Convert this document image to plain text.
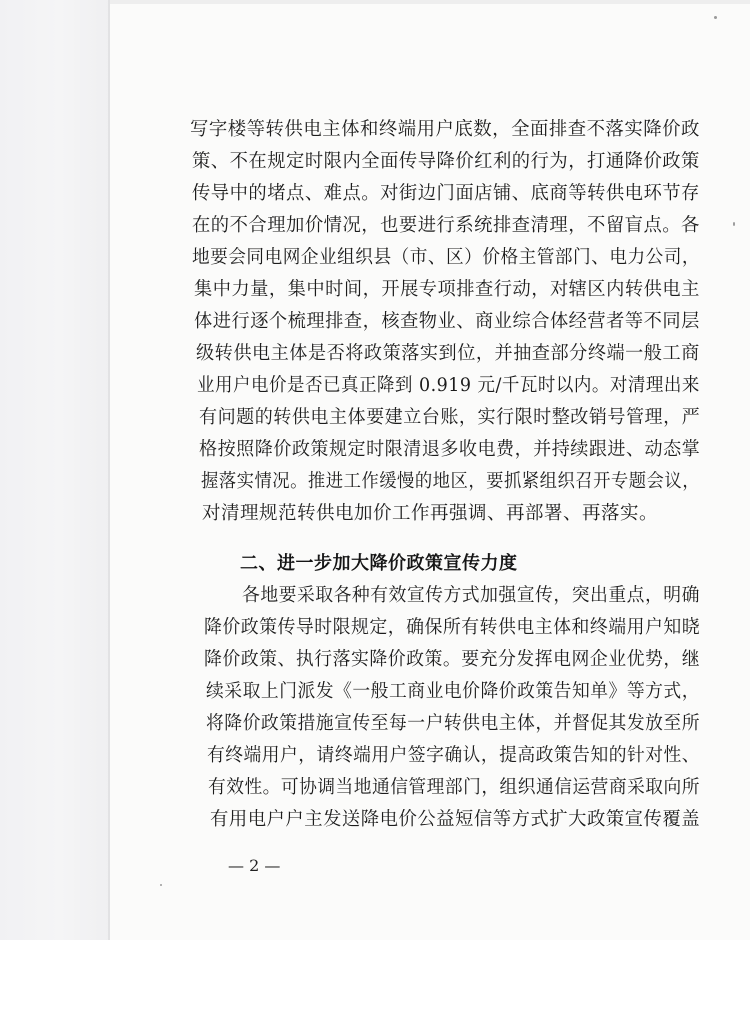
写字楼等转供电主体和终端用户底数，全面排查不落实降价政
策、不在规定时限内全面传导降价红利的行为，打通降价政策
传导中的堵点、难点。对街边门面店铺、底商等转供电环节存
在的不合理加价情况，也要进行系统排查清理，不留盲点。各
地要会同电网企业组织县（市、区）价格主管部门、电力公司，
集中力量，集中时间，开展专项排查行动，对辖区内转供电主
体进行逐个梳理排查，核查物业、商业综合体经营者等不同层
级转供电主体是否将政策落实到位，并抽查部分终端一般工商
业用户电价是否已真正降到 0.919 元/千瓦时以内。对清理出来
有问题的转供电主体要建立台账，实行限时整改销号管理，严
格按照降价政策规定时限清退多收电费，并持续跟进、动态掌
握落实情况。推进工作缓慢的地区，要抓紧组织召开专题会议，
对清理规范转供电加价工作再强调、再部署、再落实。
二、进一步加大降价政策宣传力度
各地要采取各种有效宣传方式加强宣传，突出重点，明确
降价政策传导时限规定，确保所有转供电主体和终端用户知晓
降价政策、执行落实降价政策。要充分发挥电网企业优势，继
续采取上门派发《一般工商业电价降价政策告知单》等方式，
将降价政策措施宣传至每一户转供电主体，并督促其发放至所
有终端用户，请终端用户签字确认，提高政策告知的针对性、
有效性。可协调当地通信管理部门，组织通信运营商采取向所
有用电户户主发送降电价公益短信等方式扩大政策宣传覆盖
— 2 —
